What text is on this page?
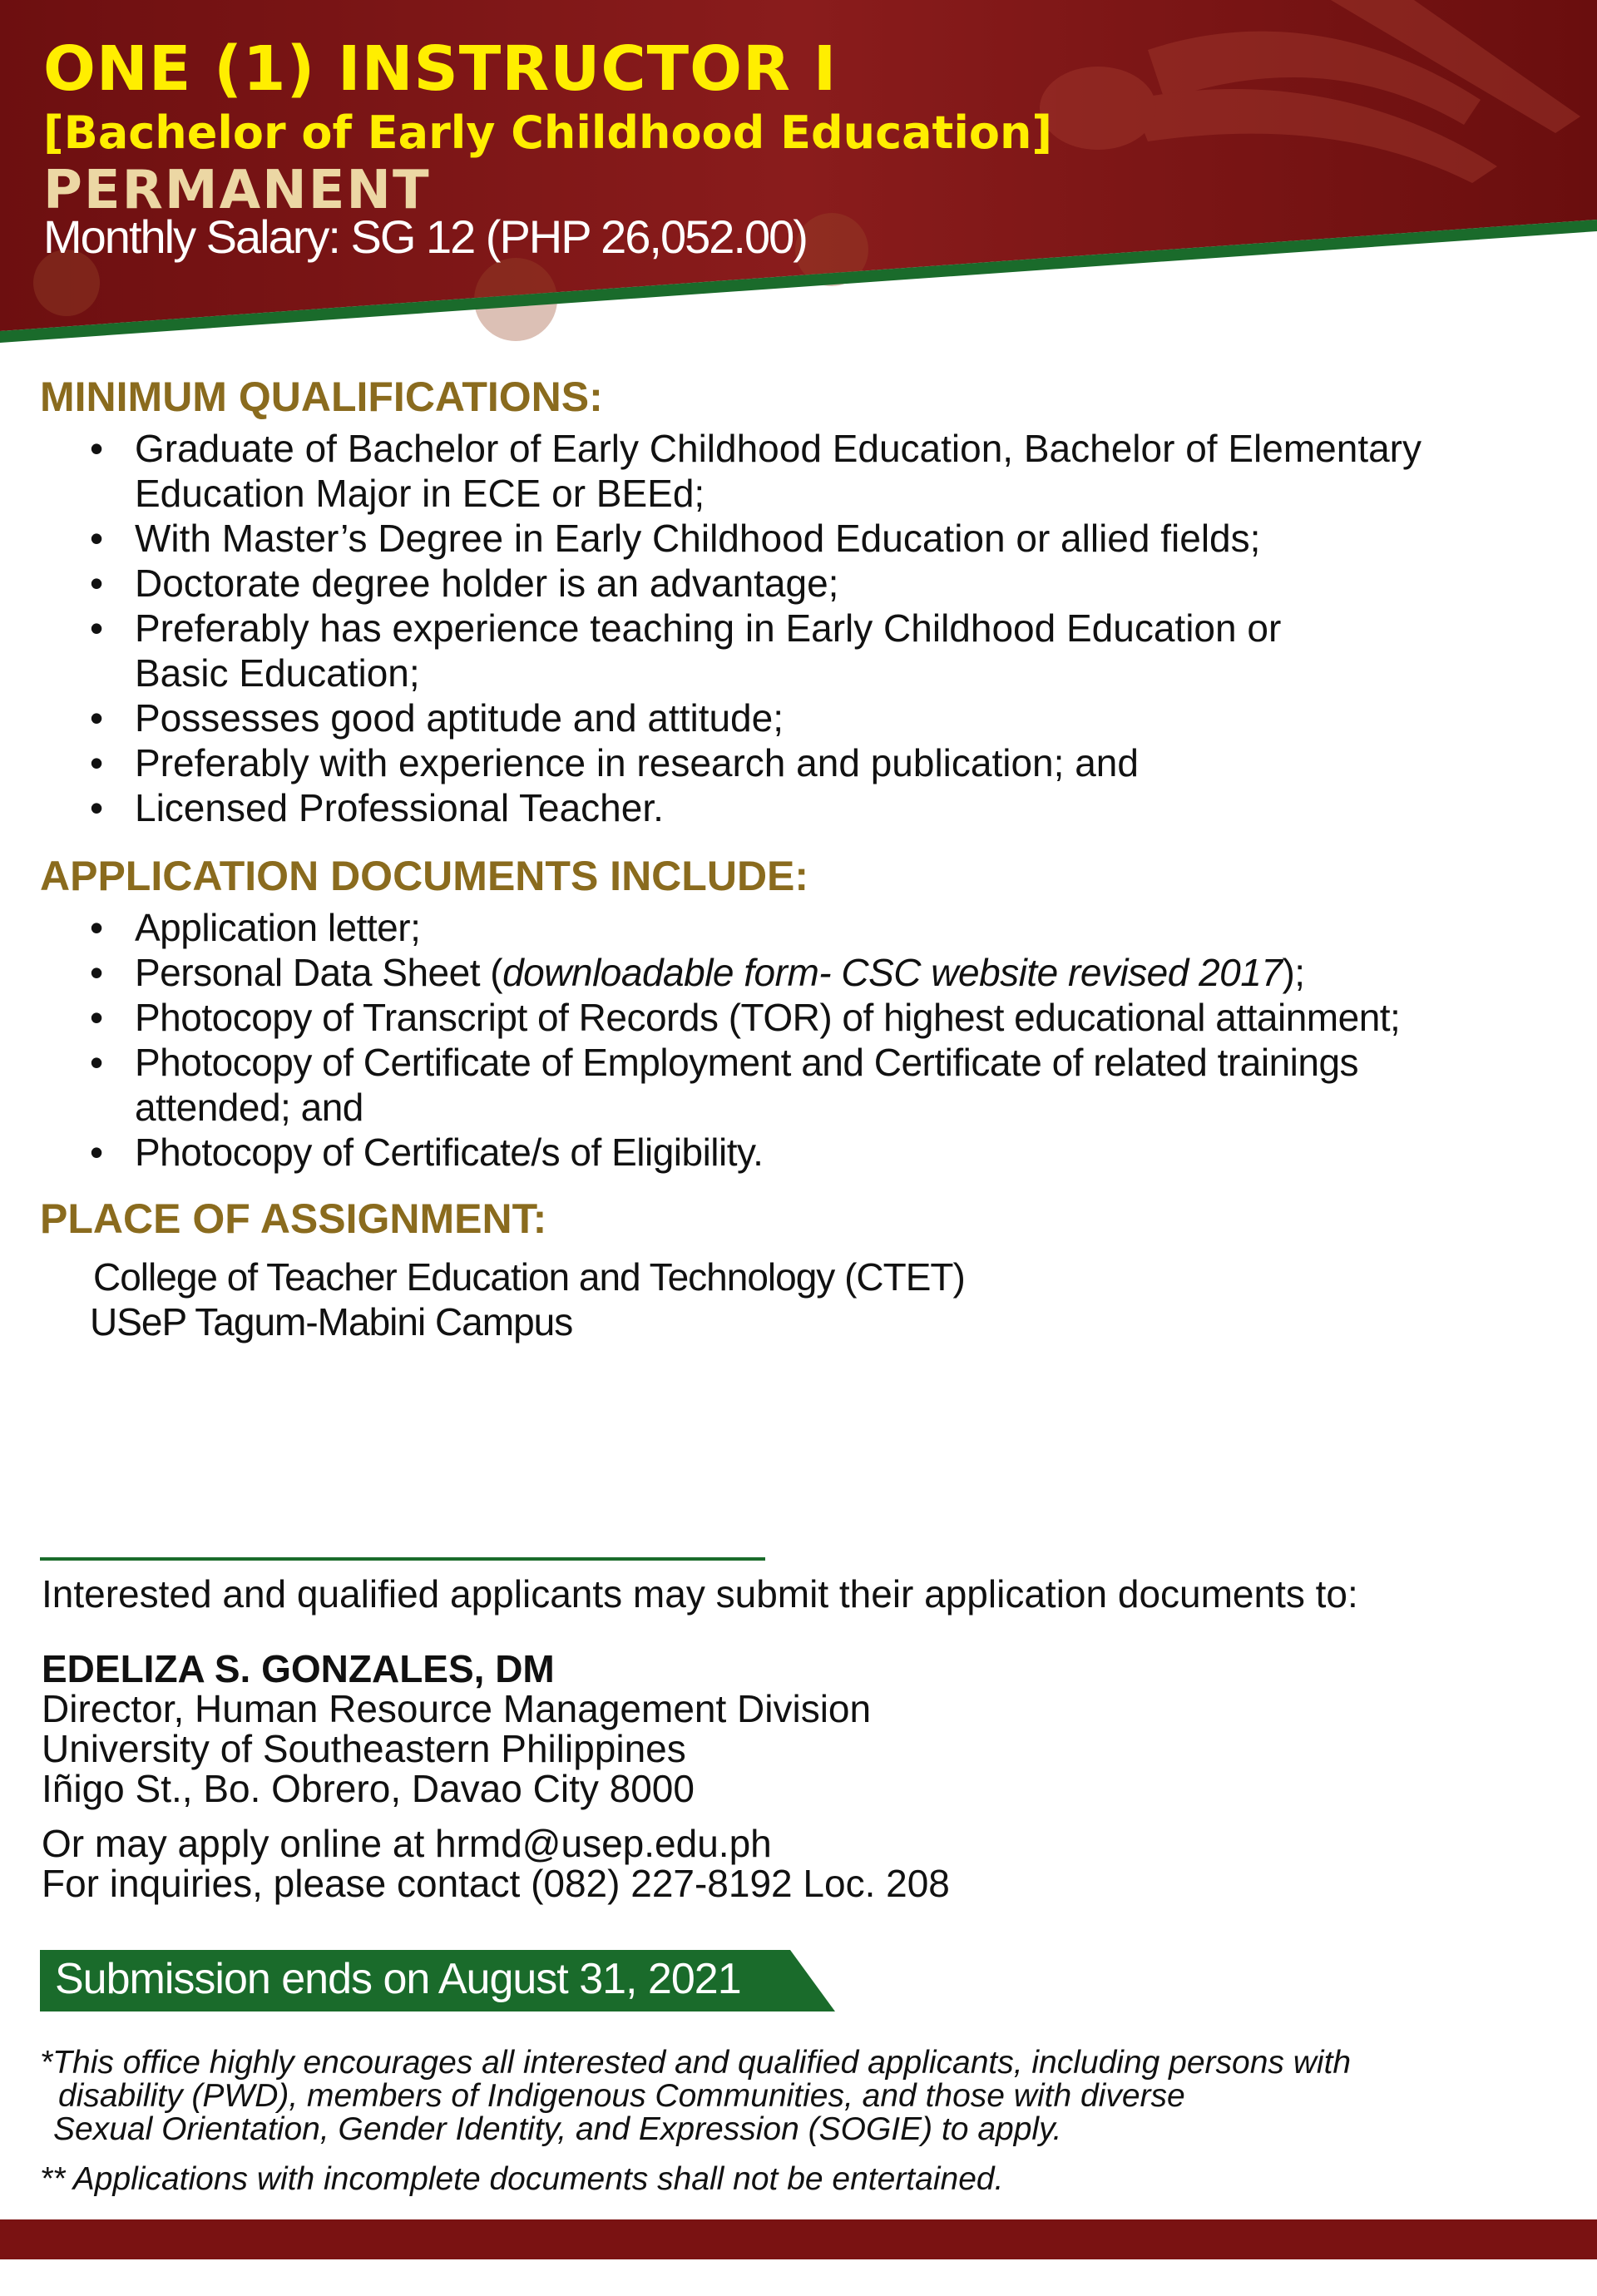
ONE (1) INSTRUCTOR I
[Bachelor of Early Childhood Education]
PERMANENT
Monthly Salary: SG 12 (PHP 26,052.00)
MINIMUM QUALIFICATIONS:
• Graduate of Bachelor of Early Childhood Education, Bachelor of Elementary Education Major in ECE or BEEd;
• With Master’s Degree in Early Childhood Education or allied fields;
• Doctorate degree holder is an advantage;
• Preferably has experience teaching in Early Childhood Education or Basic Education;
• Possesses good aptitude and attitude;
• Preferably with experience in research and publication; and
• Licensed Professional Teacher.
APPLICATION DOCUMENTS INCLUDE:
• Application letter;
• Personal Data Sheet (downloadable form- CSC website revised 2017);
• Photocopy of Transcript of Records (TOR) of highest educational attainment;
• Photocopy of Certificate of Employment and Certificate of related trainings attended; and
• Photocopy of Certificate/s of Eligibility.
PLACE OF ASSIGNMENT:

College of Teacher Education and Technology (CTET)

USeP Tagum-Mabini Campus

Interested and qualified applicants may submit their application documents to:

EDELIZA S. GONZALES, DM

Director, Human Resource Management Division

University of Southeastern Philippines

Iñigo St., Bo. Obrero, Davao City 8000

Or may apply online at hrmd@usep.edu.ph

For inquiries, please contact (082) 227-8192 Loc. 208

Submission ends on August 31, 2021

*This office highly encourages all interested and qualified applicants, including persons with

disability (PWD), members of Indigenous Communities, and those with diverse

Sexual Orientation, Gender Identity, and Expression (SOGIE) to apply.

** Applications with incomplete documents shall not be entertained.
